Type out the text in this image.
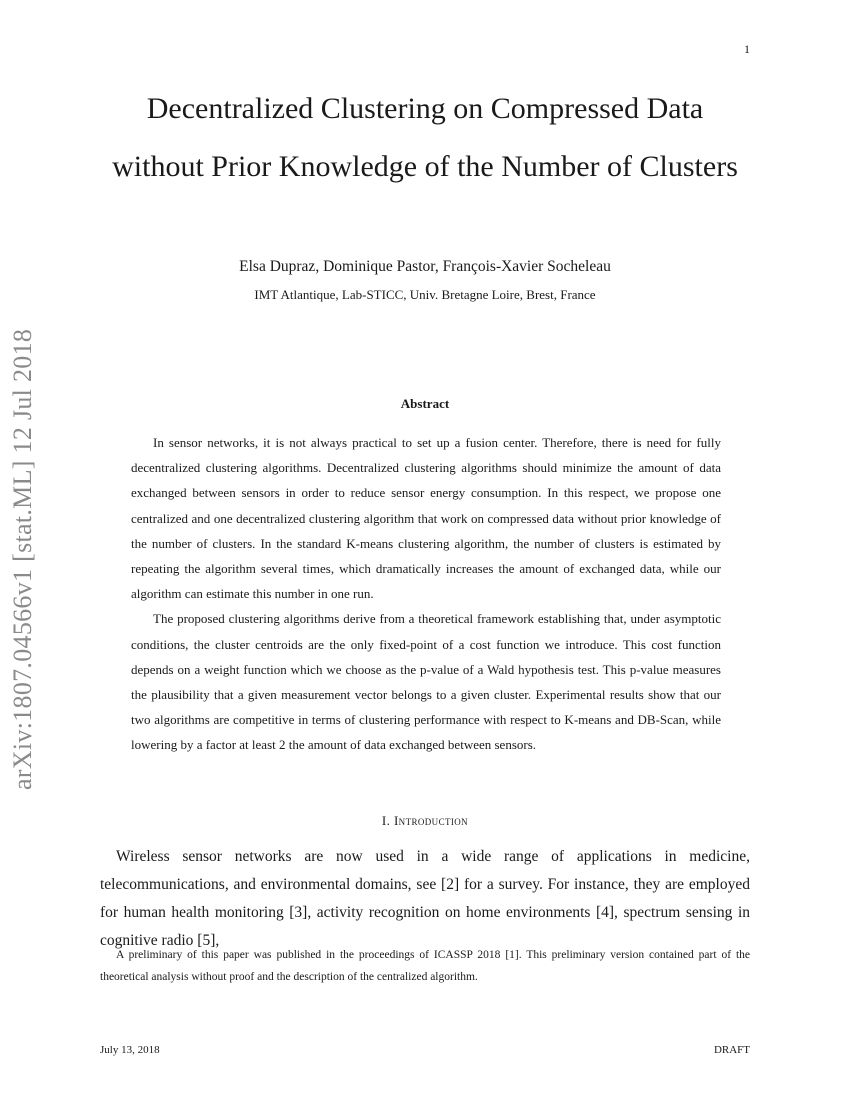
1
arXiv:1807.04566v1 [stat.ML] 12 Jul 2018
Decentralized Clustering on Compressed Data without Prior Knowledge of the Number of Clusters
Elsa Dupraz, Dominique Pastor, François-Xavier Socheleau
IMT Atlantique, Lab-STICC, Univ. Bretagne Loire, Brest, France
Abstract

In sensor networks, it is not always practical to set up a fusion center. Therefore, there is need for fully decentralized clustering algorithms. Decentralized clustering algorithms should minimize the amount of data exchanged between sensors in order to reduce sensor energy consumption. In this respect, we propose one centralized and one decentralized clustering algorithm that work on compressed data without prior knowledge of the number of clusters. In the standard K-means clustering algorithm, the number of clusters is estimated by repeating the algorithm several times, which dramatically increases the amount of exchanged data, while our algorithm can estimate this number in one run.

The proposed clustering algorithms derive from a theoretical framework establishing that, under asymptotic conditions, the cluster centroids are the only fixed-point of a cost function we introduce. This cost function depends on a weight function which we choose as the p-value of a Wald hypothesis test. This p-value measures the plausibility that a given measurement vector belongs to a given cluster. Experimental results show that our two algorithms are competitive in terms of clustering performance with respect to K-means and DB-Scan, while lowering by a factor at least 2 the amount of data exchanged between sensors.

I. Introduction

Wireless sensor networks are now used in a wide range of applications in medicine, telecommunications, and environmental domains, see [2] for a survey. For instance, they are employed for human health monitoring [3], activity recognition on home environments [4], spectrum sensing in cognitive radio [5],

A preliminary of this paper was published in the proceedings of ICASSP 2018 [1]. This preliminary version contained part of the theoretical analysis without proof and the description of the centralized algorithm.

July 13, 2018	DRAFT
